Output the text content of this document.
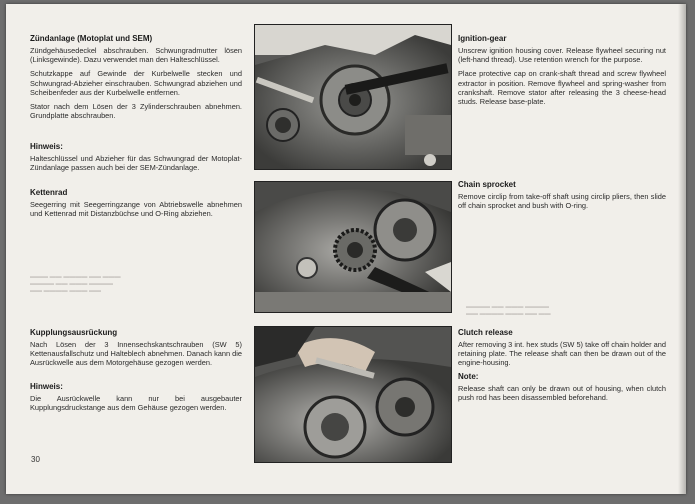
▬▬▬ ▬▬ ▬▬▬▬ ▬▬ ▬▬▬
▬▬▬▬ ▬▬ ▬▬▬ ▬▬▬▬
▬▬ ▬▬▬▬ ▬▬▬ ▬▬
▬▬▬▬ ▬▬ ▬▬▬ ▬▬▬▬
▬▬ ▬▬▬▬ ▬▬▬ ▬▬ ▬▬
Zündanlage (Motoplat und SEM)

Zündgehäusedeckel abschrauben. Schwungradmutter lösen (Linksgewinde). Dazu verwendet man den Halteschlüssel.

Schutzkappe auf Gewinde der Kurbelwelle stecken und Schwungrad-Abzieher einschrauben. Schwungrad abziehen und Scheibenfeder aus der Kurbelwelle entfernen.

Stator nach dem Lösen der 3 Zylinderschrauben abnehmen. Grundplatte abschrauben.

Hinweis:

Halteschlüssel und Abzieher für das Schwungrad der Motoplat-Zündanlage passen auch bei der SEM-Zündanlage.

Kettenrad

Seegerring mit Seegerringzange von Abtriebswelle abnehmen und Kettenrad mit Distanzbüchse und O-Ring abziehen.

Kupplungsausrückung

Nach Lösen der 3 Innensechskantschrauben (SW 5) Kettenausfallschutz und Halteblech abnehmen. Danach kann die Ausrückwelle aus dem Motorgehäuse gezogen werden.

Hinweis:

Die Ausrückwelle kann nur bei ausgebauter Kupplungsdruckstange aus dem Gehäuse gezogen werden.

Ignition-gear

Unscrew ignition housing cover. Release flywheel securing nut (left-hand thread). Use retention wrench for the purpose.

Place protective cap on crank-shaft thread and screw flywheel extractor in position. Remove flywheel and spring-washer from crankshaft. Remove stator after releasing the 3 cheese-head studs. Release base-plate.

Chain sprocket

Remove circlip from take-off shaft using circlip pliers, then slide off chain sprocket and bush with O-ring.

Clutch release

After removing 3 int. hex studs (SW 5) take off chain holder and retaining plate. The release shaft can then be drawn out of the engine-housing.

Note:

Release shaft can only be drawn out of housing, when clutch push rod has been disassembled beforehand.

30
